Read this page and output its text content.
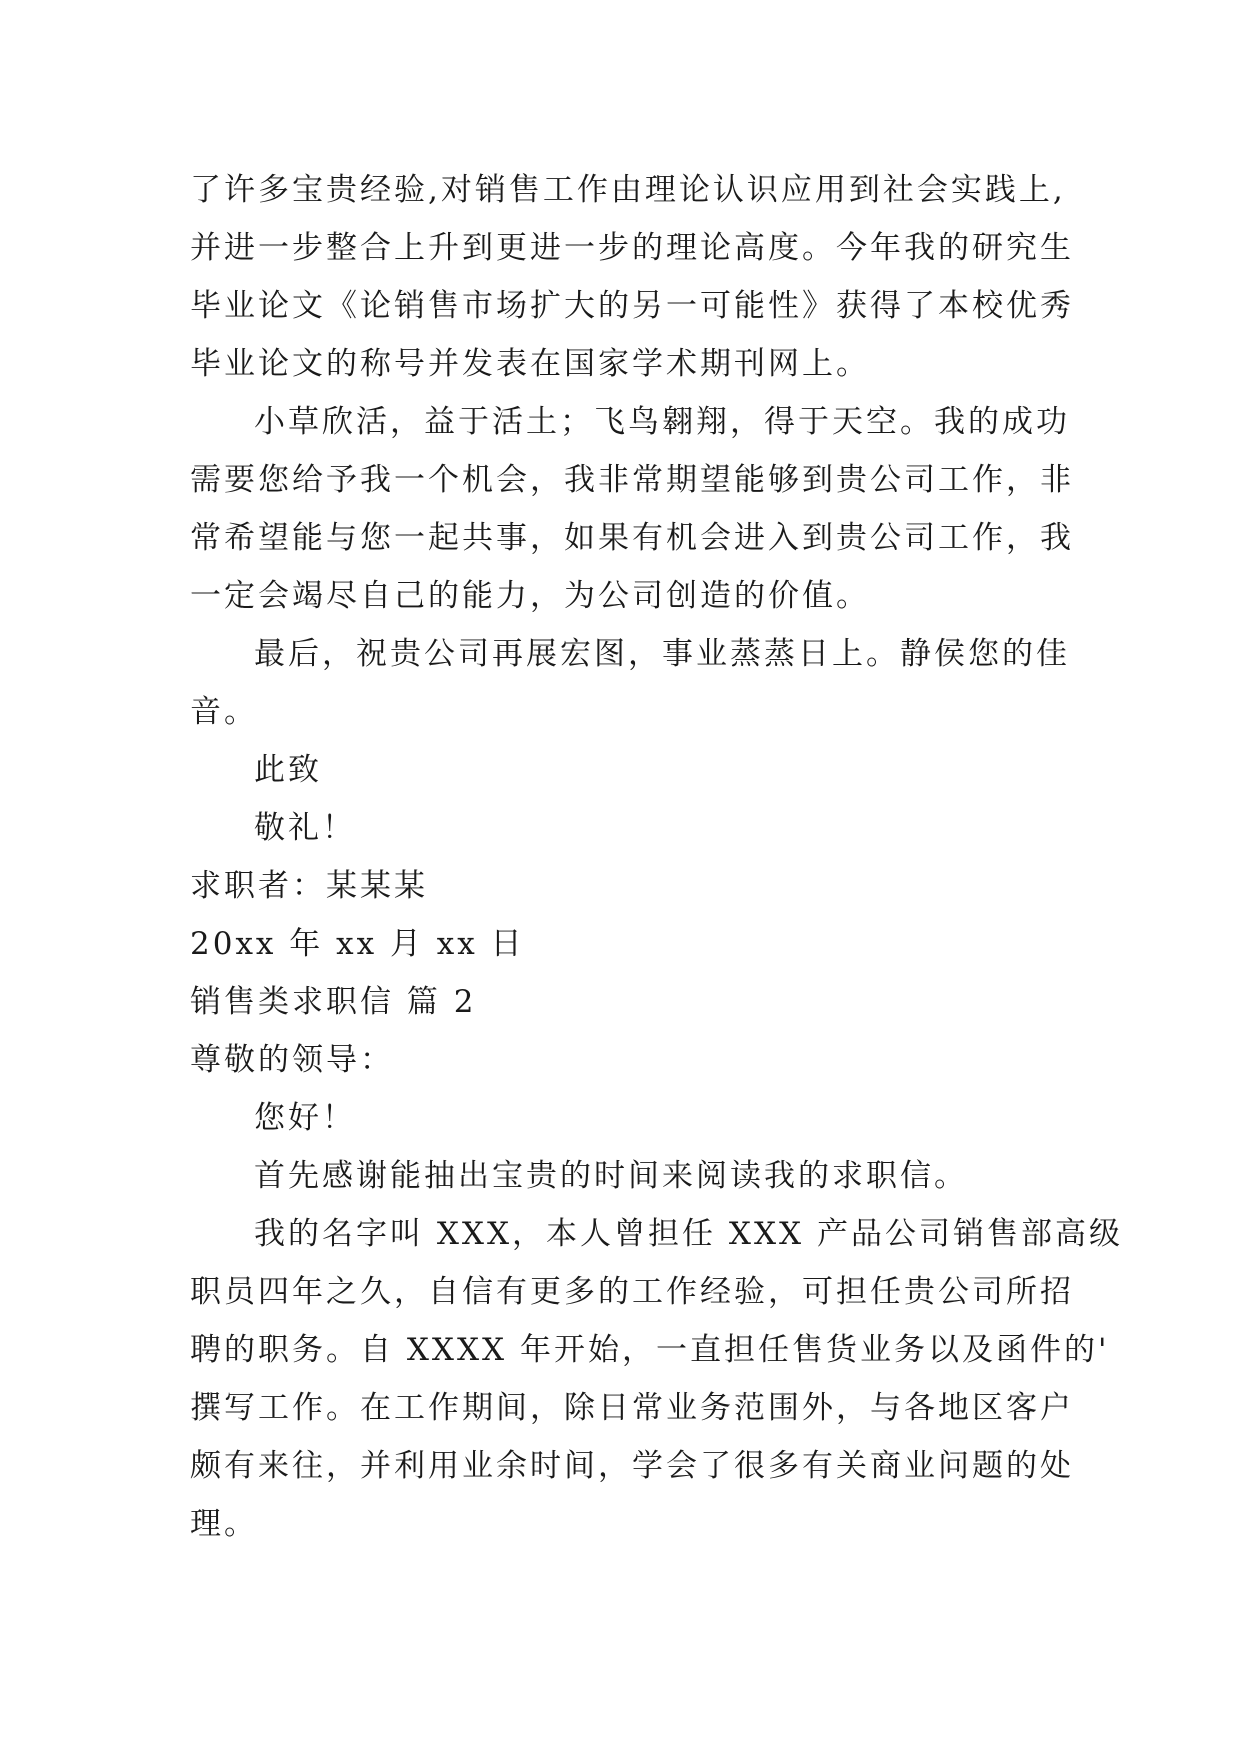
了许多宝贵经验,对销售工作由理论认识应用到社会实践上,

并进一步整合上升到更进一步的理论高度。今年我的研究生

毕业论文《论销售市场扩大的另一可能性》获得了本校优秀

毕业论文的称号并发表在国家学术期刊网上。

小草欣活，益于活土；飞鸟翱翔，得于天空。我的成功

需要您给予我一个机会，我非常期望能够到贵公司工作，非

常希望能与您一起共事，如果有机会进入到贵公司工作，我

一定会竭尽自己的能力，为公司创造的价值。

最后，祝贵公司再展宏图，事业蒸蒸日上。静侯您的佳

音。

此致

敬礼！

求职者：某某某

20xx 年 xx 月 xx 日

销售类求职信 篇 2

尊敬的领导：

您好！

首先感谢能抽出宝贵的时间来阅读我的求职信。

我的名字叫 XXX，本人曾担任 XXX 产品公司销售部高级

职员四年之久，自信有更多的工作经验，可担任贵公司所招

聘的职务。自 XXXX 年开始，一直担任售货业务以及函件的'

撰写工作。在工作期间，除日常业务范围外，与各地区客户

颇有来往，并利用业余时间，学会了很多有关商业问题的处

理。
